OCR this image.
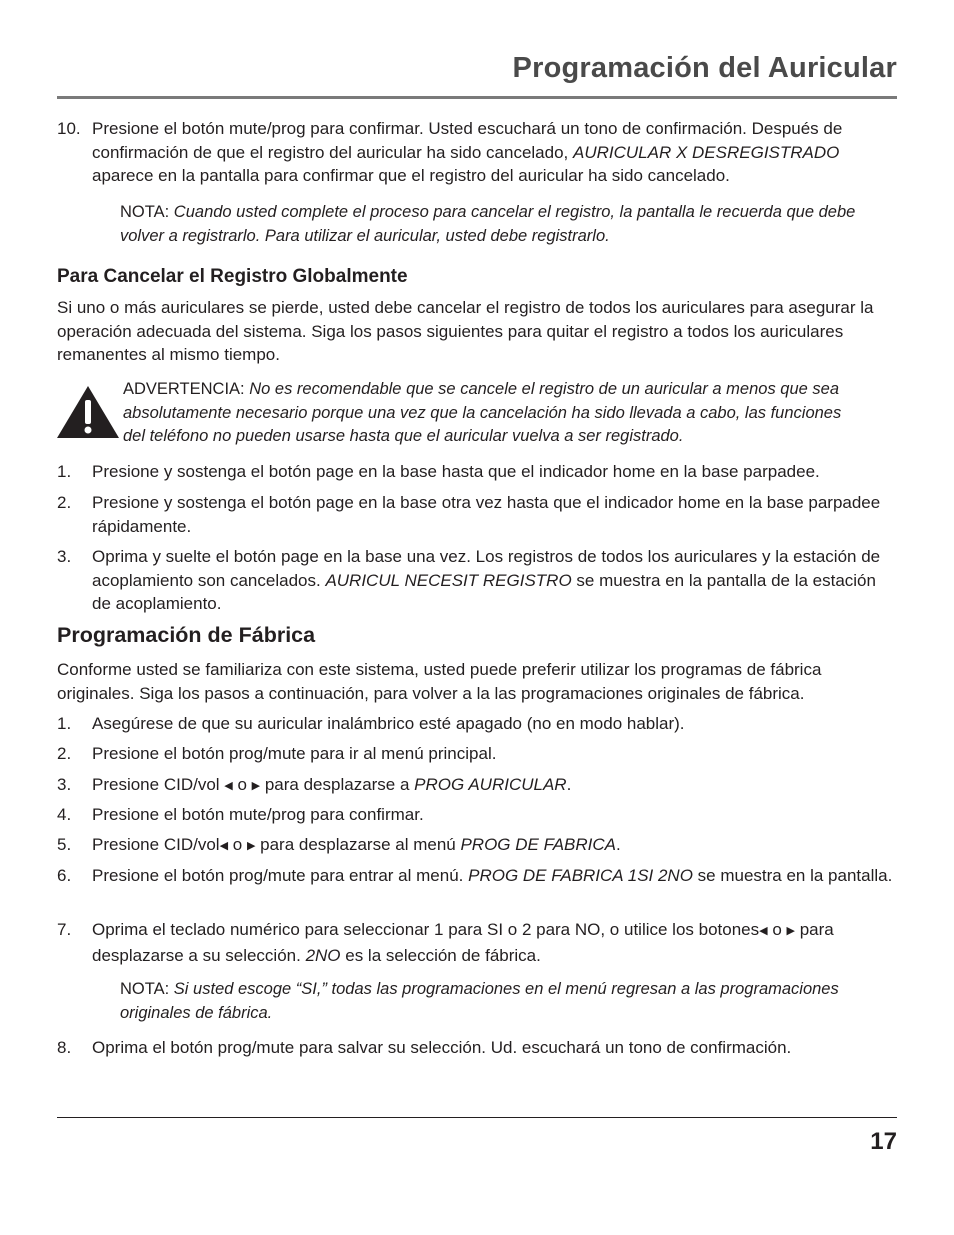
Programación del Auricular
10. Presione el botón mute/prog para confirmar. Usted escuchará un tono de confirmación. Después de confirmación de que el registro del auricular ha sido cancelado, AURICULAR X DESREGISTRADO aparece en la pantalla para confirmar que el registro del auricular ha sido cancelado.
NOTA: Cuando usted complete el proceso para cancelar el registro, la pantalla le recuerda que debe volver a registrarlo. Para utilizar el auricular, usted debe registrarlo.
Para Cancelar el Registro Globalmente
Si uno o más auriculares se pierde, usted debe cancelar el registro de todos los auriculares para asegurar la operación adecuada del sistema. Siga los pasos siguientes para quitar el registro a todos los auriculares remanentes al mismo tiempo.
ADVERTENCIA: No es recomendable que se cancele el registro de un auricular a menos que sea absolutamente necesario porque una vez que la cancelación ha sido llevada a cabo, las funciones del teléfono no pueden usarse hasta que el auricular vuelva a ser registrado.
1.	Presione y sostenga el botón page en la base hasta que el indicador home en la base parpadee.
2.	Presione y sostenga el botón page en la base otra vez hasta que el indicador home en la base parpadee rápidamente.
3.	Oprima y suelte el botón page en la base una vez. Los registros de todos los auriculares y la estación de acoplamiento son cancelados. AURICUL NECESIT REGISTRO se muestra en la pantalla de la estación de acoplamiento.
Programación de Fábrica
Conforme usted se familiariza con este sistema, usted puede preferir utilizar los programas de fábrica originales. Siga los pasos a continuación, para volver a la las programaciones originales de fábrica.
1.	Asegúrese de que su auricular inalámbrico esté apagado (no en modo hablar).
2.	Presione el botón prog/mute para ir al menú principal.
3.	Presione CID/vol ◀ o ▶ para desplazarse a PROG AURICULAR.
4.	Presione el botón mute/prog para confirmar.
5.	Presione CID/vol◀ o ▶ para desplazarse al menú PROG DE FABRICA.
6.	Presione el botón prog/mute para entrar al menú. PROG DE FABRICA 1SI 2NO se muestra en la pantalla.
7.	Oprima el teclado numérico para seleccionar 1 para SI o 2 para NO, o utilice los botones◀ o ▶ para desplazarse a su selección. 2NO es la selección de fábrica.
NOTA: Si usted escoge “SI,” todas las programaciones en el menú regresan a las programaciones originales de fábrica.
8.	Oprima el botón prog/mute para salvar su selección. Ud. escuchará un tono de confirmación.
17
